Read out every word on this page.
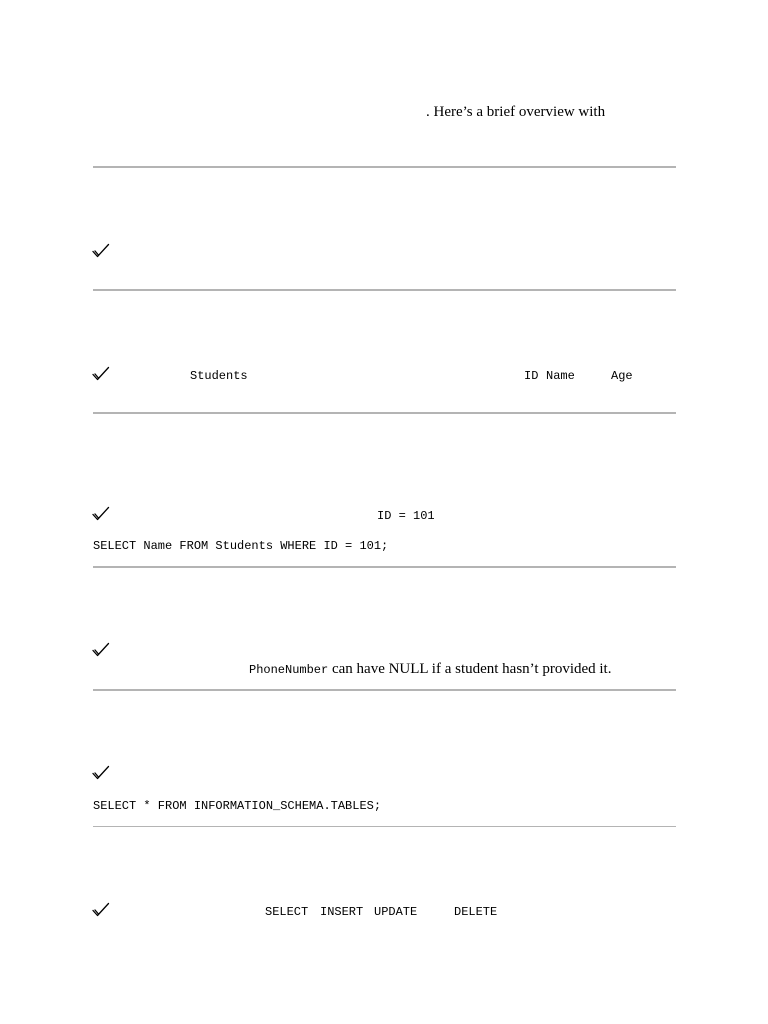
. Here’s a brief overview with
Students	ID Name	Age
ID = 101
SELECT Name FROM Students WHERE ID = 101;

PhoneNumber can have NULL if a student hasn’t provided it.

SELECT * FROM INFORMATION_SCHEMA.TABLES;
SELECT INSERT UPDATE	DELETE
